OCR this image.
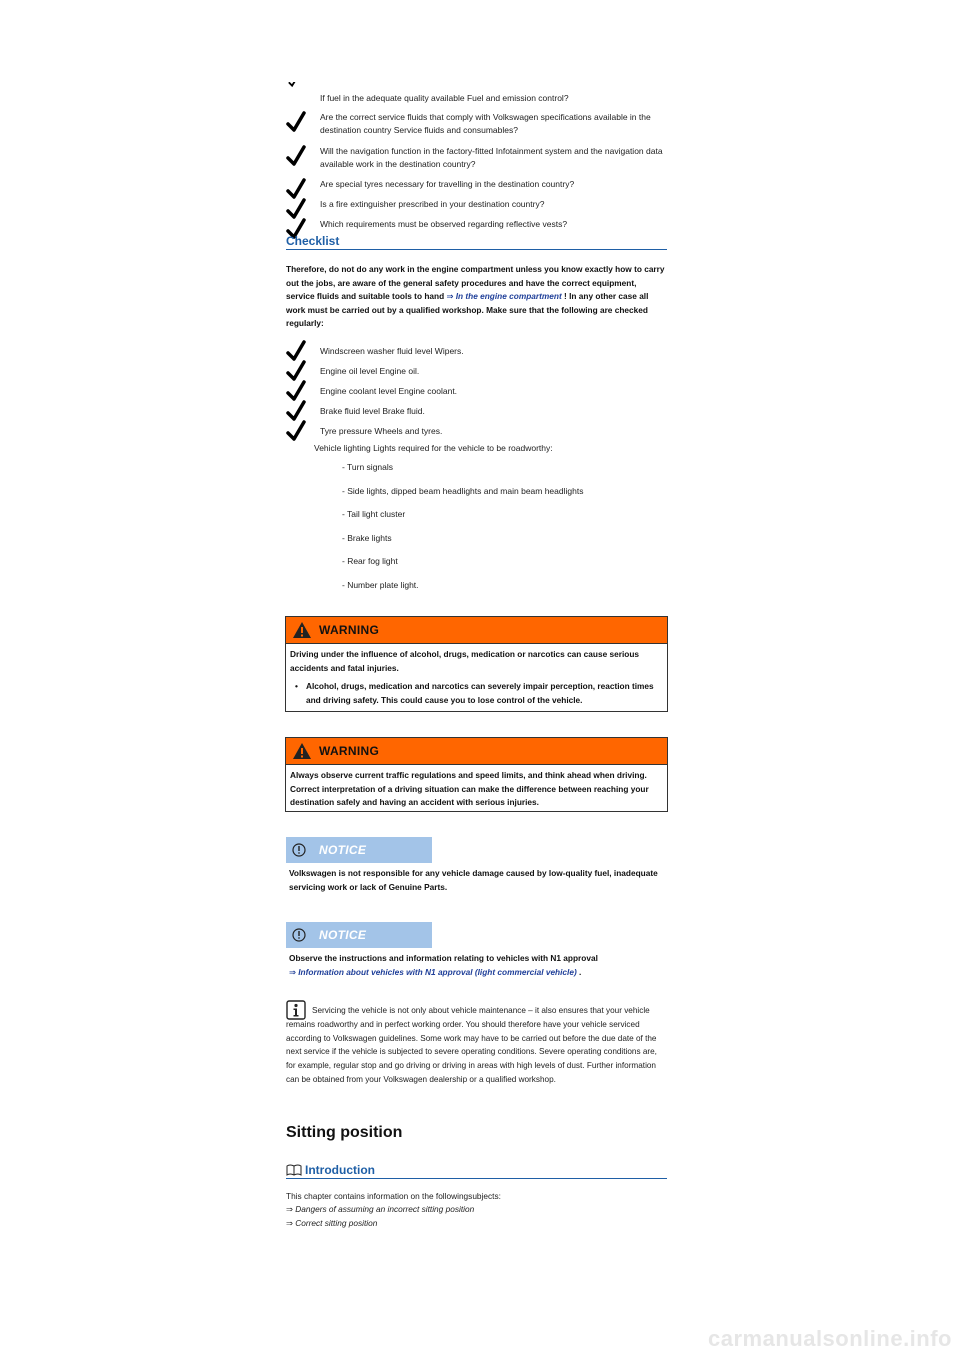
If fuel in the adequate quality available Fuel and emission control?
Are the correct service fluids that comply with Volkswagen specifications available in the destination country Service fluids and consumables?
Will the navigation function in the factory-fitted Infotainment system and the navigation data available work in the destination country?
Are special tyres necessary for travelling in the destination country?
Is a fire extinguisher prescribed in your destination country?
Which requirements must be observed regarding reflective vests?
Checklist
Therefore, do not do any work in the engine compartment unless you know exactly how to carry out the jobs, are aware of the general safety procedures and have the correct equipment, service fluids and suitable tools to hand ⇒ In the engine compartment ! In any other case all work must be carried out by a qualified workshop. Make sure that the following are checked regularly:
Windscreen washer fluid level Wipers.
Engine oil level Engine oil.
Engine coolant level Engine coolant.
Brake fluid level Brake fluid.
Tyre pressure Wheels and tyres.
Vehicle lighting Lights required for the vehicle to be roadworthy:
- Turn signals
- Side lights, dipped beam headlights and main beam headlights
- Tail light cluster
- Brake lights
- Rear fog light
- Number plate light.
WARNING
Driving under the influence of alcohol, drugs, medication or narcotics can cause serious accidents and fatal injuries.
• Alcohol, drugs, medication and narcotics can severely impair perception, reaction times and driving safety. This could cause you to lose control of the vehicle.
WARNING
Always observe current traffic regulations and speed limits, and think ahead when driving. Correct interpretation of a driving situation can make the difference between reaching your destination safely and having an accident with serious injuries.
NOTICE
Volkswagen is not responsible for any vehicle damage caused by low-quality fuel, inadequate servicing work or lack of Genuine Parts.
NOTICE
Observe the instructions and information relating to vehicles with N1 approval
⇒ Information about vehicles with N1 approval (light commercial vehicle) .
Servicing the vehicle is not only about vehicle maintenance – it also ensures that your vehicle remains roadworthy and in perfect working order. You should therefore have your vehicle serviced according to Volkswagen guidelines. Some work may have to be carried out before the due date of the next service if the vehicle is subjected to severe operating conditions. Severe operating conditions are, for example, regular stop and go driving or driving in areas with high levels of dust. Further information can be obtained from your Volkswagen dealership or a qualified workshop.
Sitting position
Introduction
This chapter contains information on the followingsubjects:
⇒ Dangers of assuming an incorrect sitting position
⇒ Correct sitting position
carmanualsonline.info
